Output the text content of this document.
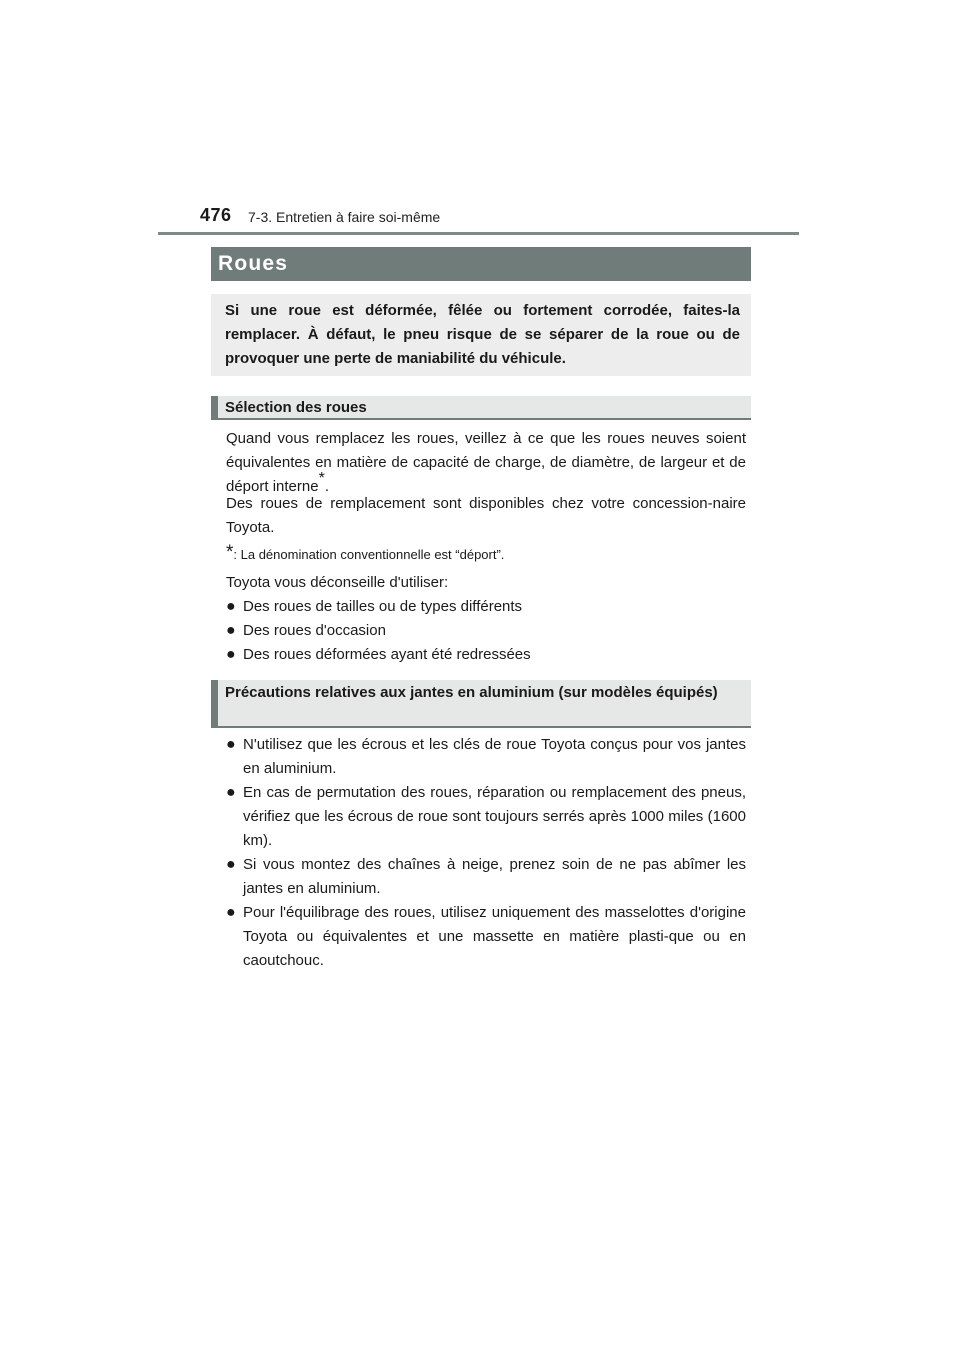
476 7-3. Entretien à faire soi-même
Roues
Si une roue est déformée, fêlée ou fortement corrodée, faites-la remplacer. À défaut, le pneu risque de se séparer de la roue ou de provoquer une perte de maniabilité du véhicule.
Sélection des roues
Quand vous remplacez les roues, veillez à ce que les roues neuves soient équivalentes en matière de capacité de charge, de diamètre, de largeur et de déport interne*.
Des roues de remplacement sont disponibles chez votre concession-naire Toyota.
*: La dénomination conventionnelle est “déport”.
Toyota vous déconseille d'utiliser:
● Des roues de tailles ou de types différents
● Des roues d'occasion
● Des roues déformées ayant été redressées
Précautions relatives aux jantes en aluminium (sur modèles équipés)
● N'utilisez que les écrous et les clés de roue Toyota conçus pour vos jantes en aluminium.
● En cas de permutation des roues, réparation ou remplacement des pneus, vérifiez que les écrous de roue sont toujours serrés après 1000 miles (1600 km).
● Si vous montez des chaînes à neige, prenez soin de ne pas abîmer les jantes en aluminium.
● Pour l'équilibrage des roues, utilisez uniquement des masselottes d'origine Toyota ou équivalentes et une massette en matière plasti-que ou en caoutchouc.
